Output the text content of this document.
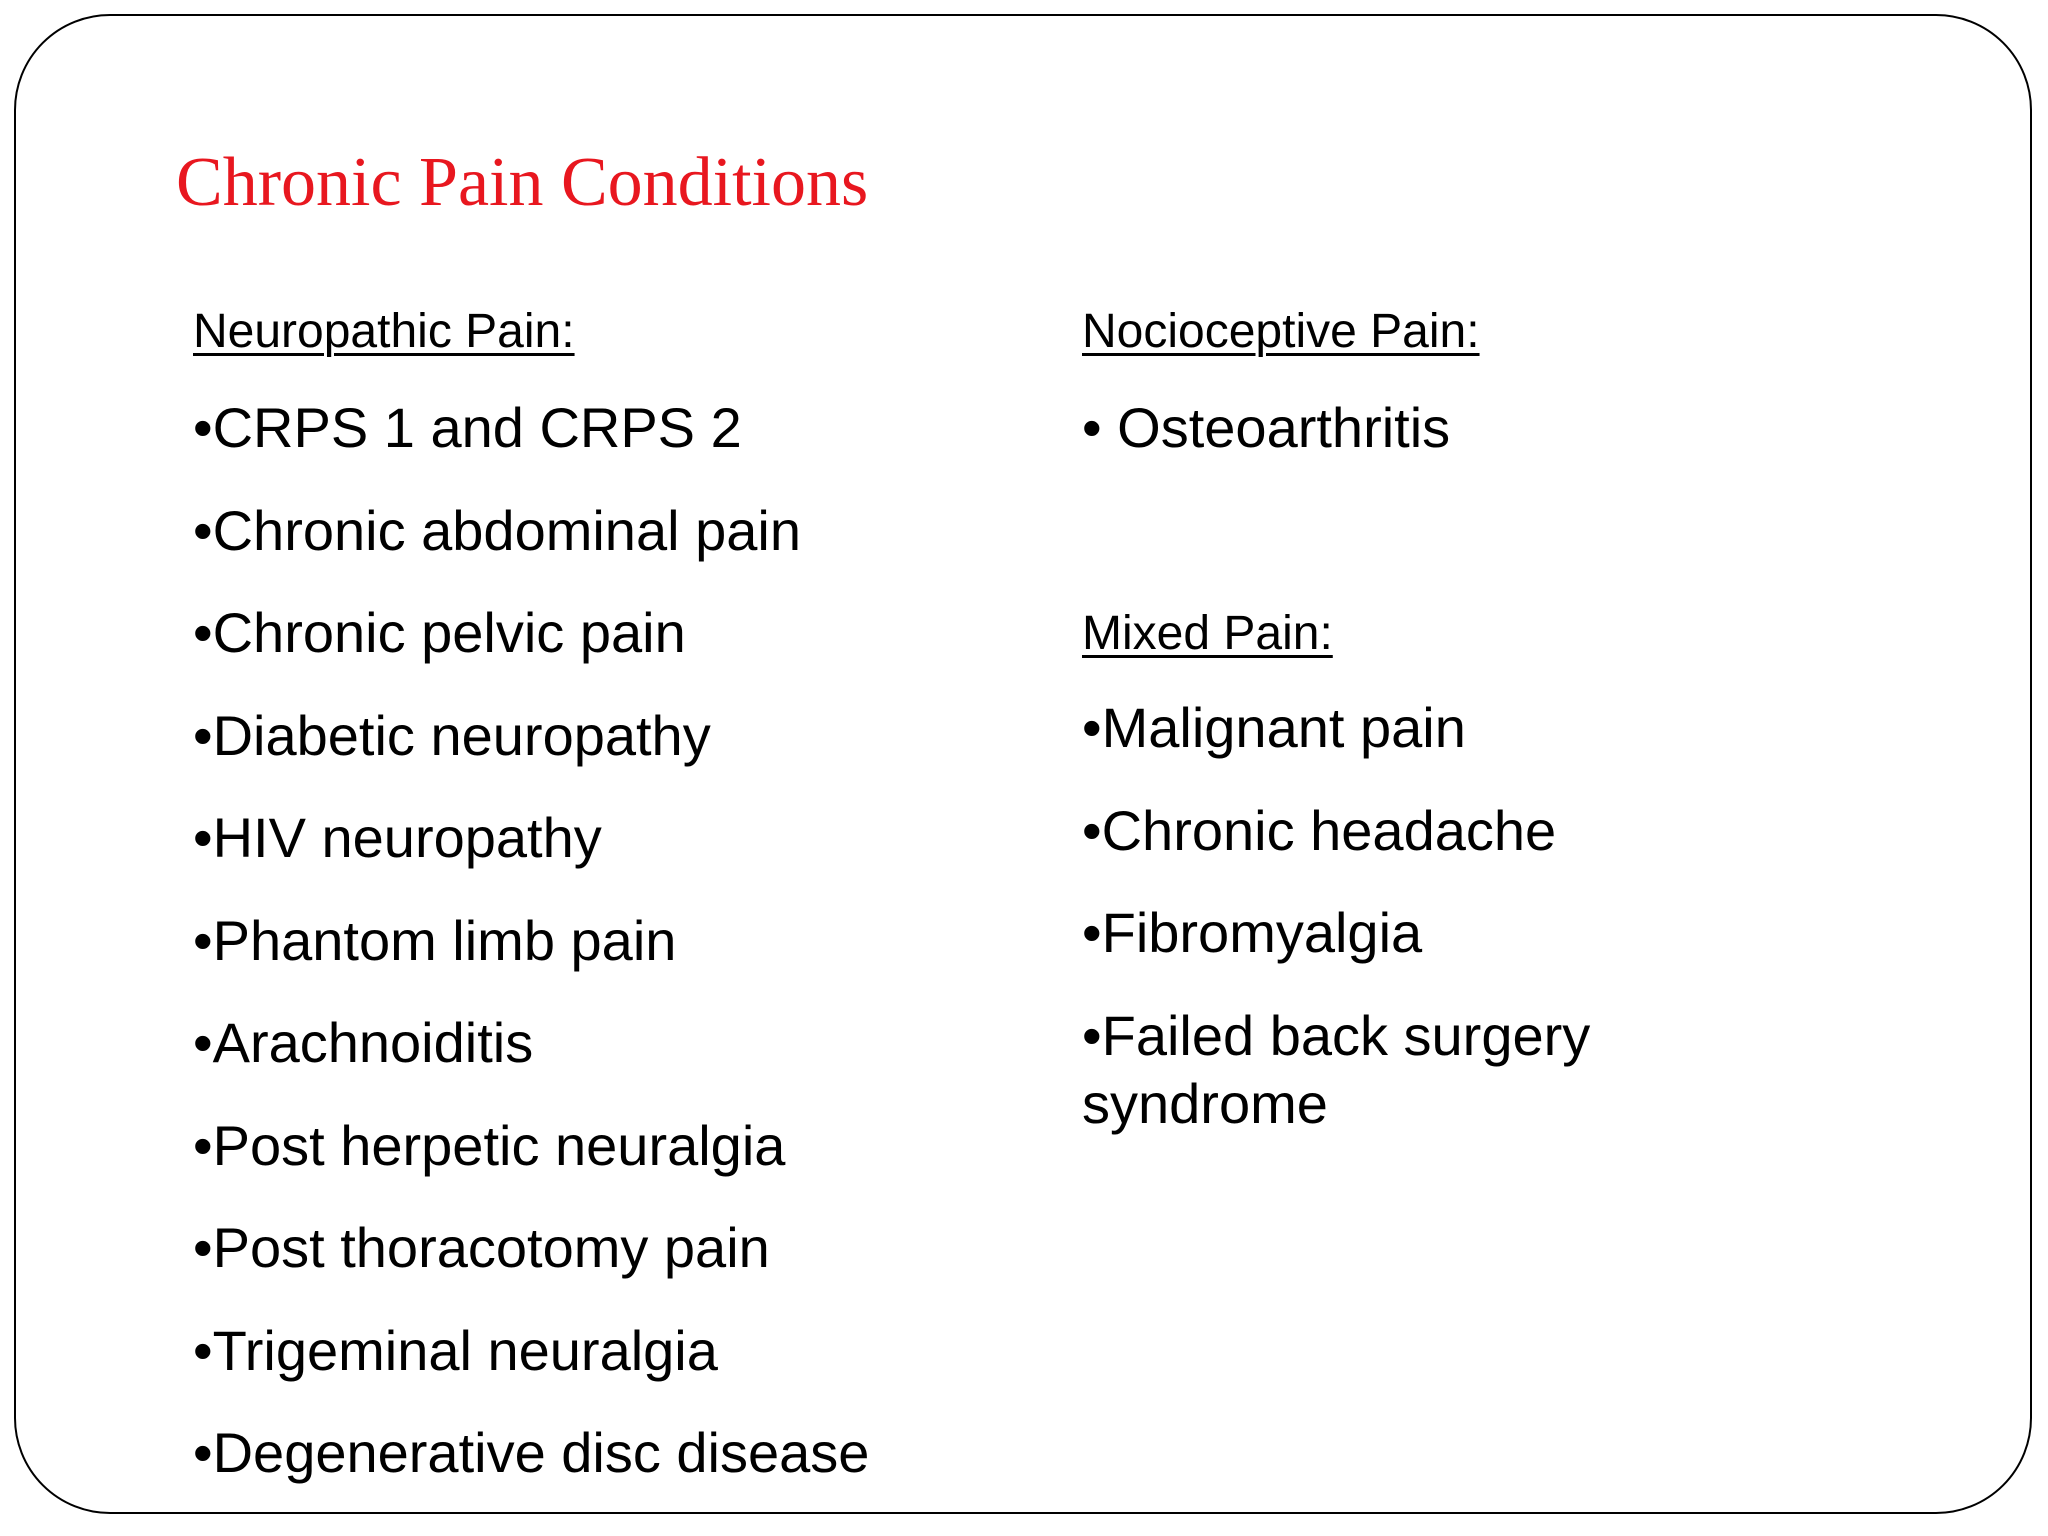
Chronic Pain Conditions
Neuropathic Pain:
•CRPS 1 and CRPS 2
•Chronic abdominal pain
•Chronic pelvic pain
•Diabetic neuropathy
•HIV neuropathy
•Phantom limb pain
•Arachnoiditis
•Post herpetic neuralgia
•Post thoracotomy pain
•Trigeminal neuralgia
•Degenerative disc disease
Nocioceptive Pain:
• Osteoarthritis
Mixed Pain:
•Malignant pain
•Chronic headache
•Fibromyalgia
•Failed back surgery syndrome
